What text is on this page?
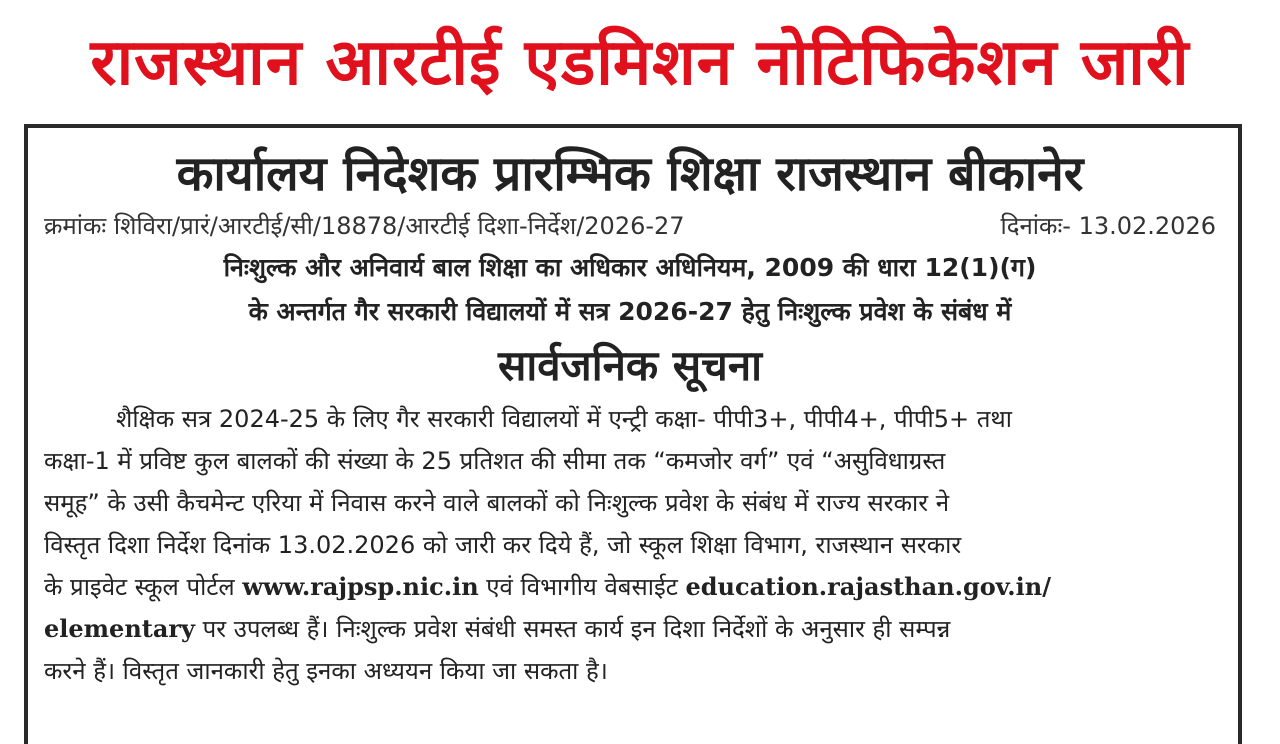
राजस्थान आरटीई एडमिशन नोटिफिकेशन जारी
कार्यालय निदेशक प्रारम्भिक शिक्षा राजस्थान बीकानेर
क्रमांकः शिविरा/प्रारं/आरटीई/सी/18878/आरटीई दिशा-निर्देश/2026-27	दिनांकः- 13.02.2026
निःशुल्क और अनिवार्य बाल शिक्षा का अधिकार अधिनियम, 2009 की धारा 12(1)(ग)
के अन्तर्गत गैर सरकारी विद्यालयों में सत्र 2026-27 हेतु निःशुल्क प्रवेश के संबंध में
सार्वजनिक सूचना
शैक्षिक सत्र 2024-25 के लिए गैर सरकारी विद्यालयों में एन्ट्री कक्षा- पीपी3+, पीपी4+, पीपी5+ तथा
कक्षा-1 में प्रविष्ट कुल बालकों की संख्या के 25 प्रतिशत की सीमा तक “कमजोर वर्ग” एवं “असुविधाग्रस्त
समूह” के उसी कैचमेन्ट एरिया में निवास करने वाले बालकों को निःशुल्क प्रवेश के संबंध में राज्य सरकार ने
विस्तृत दिशा निर्देश दिनांक 13.02.2026 को जारी कर दिये हैं, जो स्कूल शिक्षा विभाग, राजस्थान सरकार
के प्राइवेट स्कूल पोर्टल www.rajpsp.nic.in एवं विभागीय वेबसाईट education.rajasthan.gov.in/
elementary पर उपलब्ध हैं। निःशुल्क प्रवेश संबंधी समस्त कार्य इन दिशा निर्देशों के अनुसार ही सम्पन्न
करने हैं। विस्तृत जानकारी हेतु इनका अध्ययन किया जा सकता है।
